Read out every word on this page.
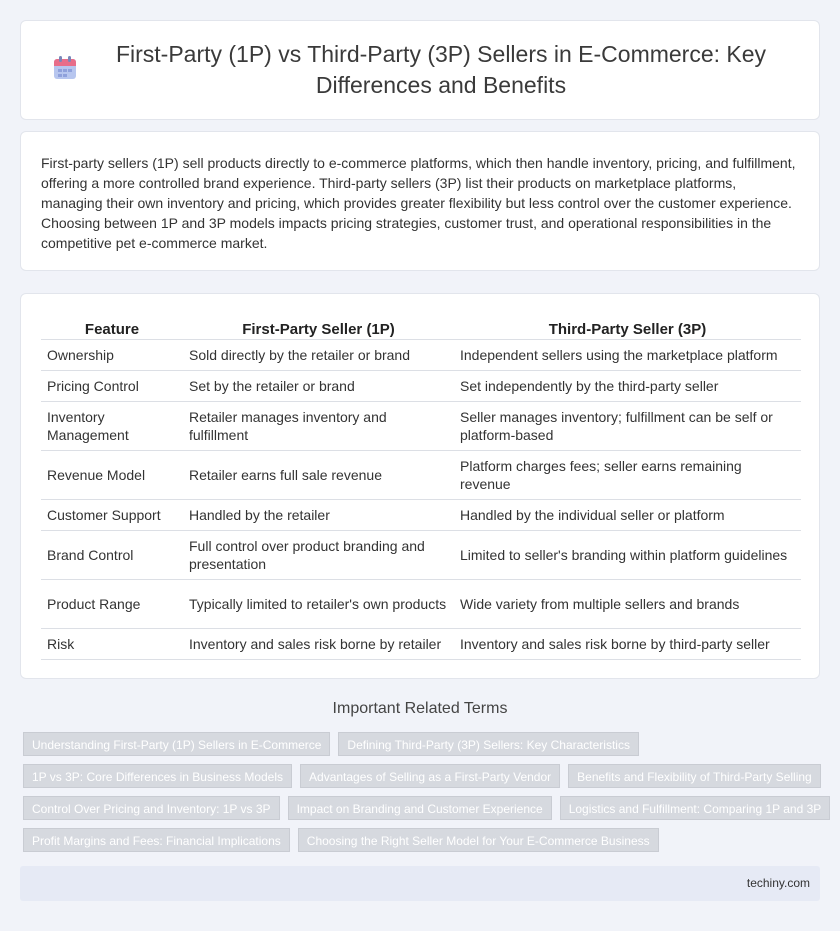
First-Party (1P) vs Third-Party (3P) Sellers in E-Commerce: Key Differences and Benefits

First-party sellers (1P) sell products directly to e-commerce platforms, which then handle inventory, pricing, and fulfillment, offering a more controlled brand experience. Third-party sellers (3P) list their products on marketplace platforms, managing their own inventory and pricing, which provides greater flexibility but less control over the customer experience. Choosing between 1P and 3P models impacts pricing strategies, customer trust, and operational responsibilities in the competitive pet e-commerce market.

Feature	First-Party Seller (1P)	Third-Party Seller (3P)
Ownership	Sold directly by the retailer or brand	Independent sellers using the marketplace platform
Pricing Control	Set by the retailer or brand	Set independently by the third-party seller
Inventory Management	Retailer manages inventory and fulfillment	Seller manages inventory; fulfillment can be self or platform-based
Revenue Model	Retailer earns full sale revenue	Platform charges fees; seller earns remaining revenue
Customer Support	Handled by the retailer	Handled by the individual seller or platform
Brand Control	Full control over product branding and presentation	Limited to seller's branding within platform guidelines
Product Range	Typically limited to retailer's own products	Wide variety from multiple sellers and brands
Risk	Inventory and sales risk borne by retailer	Inventory and sales risk borne by third-party seller
Important Related Terms
Understanding First-Party (1P) Sellers in E-Commerce	Defining Third-Party (3P) Sellers: Key Characteristics
1P vs 3P: Core Differences in Business Models	Advantages of Selling as a First-Party Vendor	Benefits and Flexibility of Third-Party Selling
Control Over Pricing and Inventory: 1P vs 3P	Impact on Branding and Customer Experience	Logistics and Fulfillment: Comparing 1P and 3P
Profit Margins and Fees: Financial Implications	Choosing the Right Seller Model for Your E-Commerce Business
techiny.com
